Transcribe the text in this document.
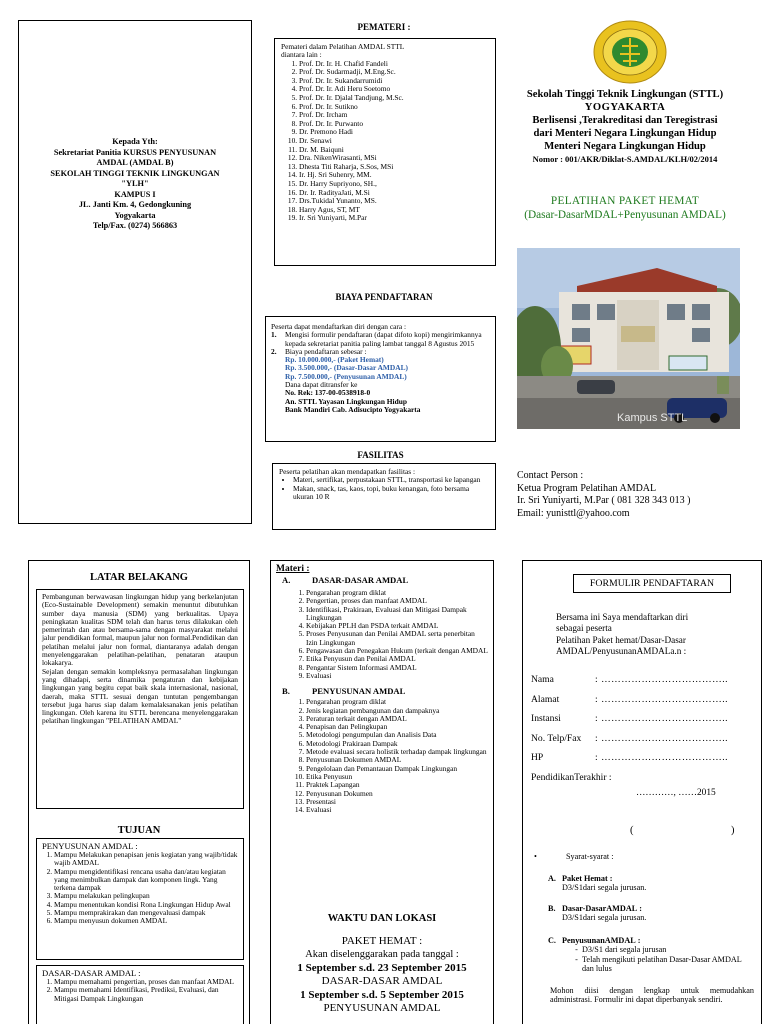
Kepada Yth:
Sekretariat Panitia KURSUS PENYUSUNAN
AMDAL (AMDAL B)
SEKOLAH TINGGI TEKNIK LINGKUNGAN
"YLH"
KAMPUS I
JL. Janti Km. 4, Gedongkuning
Yogyakarta
Telp/Fax. (0274) 566863
PEMATERI :
Pemateri dalam Pelatihan AMDAL STTL
diantara lain :
1. Prof. Dr. Ir. H. Chafid Fandeli
2. Prof. Dr. Sudarmadji, M.Eng.Sc.
3. Prof. Dr. Ir. Sukandarrumidi
4. Prof. Dr. Ir. Adi Heru Soetomo
5. Prof. Dr. Ir. Djalal Tandjung, M.Sc.
6. Prof. Dr. Ir. Sutikno
7. Prof. Dr. Ircham
8. Prof. Dr. Ir. Purwanto
9. Dr. Premono Hadi
10. Dr. Senawi
11. Dr. M. Baiquni
12. Dra. NikenWirasanti, MSi
13. Dhesta Titi Raharja, S.Sos, MSi
14. Ir. Hj. Sri Suhenry, MM.
15. Dr. Harry Supriyono, SH.,
16. Dr. Ir. RadityaJati, M.Si
17. Drs.Tukidal Yunanto, MS.
18. Harry Agus, ST, MT
19. Ir. Sri Yuniyarti, M.Par
BIAYA PENDAFTARAN
Peserta dapat mendaftarkan diri dengan cara :
1.	Mengisi formulir pendaftaran (dapat difoto kopi) mengirimkannya kepada sekretariat panitia paling lambat tanggal 8 Agustus 2015
2.	Biaya pendaftaran sebesar :
Rp. 10.000.000,- (Paket Hemat)
Rp. 3.500.000,- (Dasar-Dasar AMDAL)
Rp. 7.500.000,- (Penyusunan AMDAL)
Dana dapat ditransfer ke
No. Rek: 137-00-0538918-0
An. STTL Yayasan Lingkungan Hidup
Bank Mandiri Cab. Adisucipto Yogyakarta
FASILITAS
Peserta pelatihan akan mendapatkan fasilitas :
• Materi, sertifikat, perpustakaan STTL, transportasi ke lapangan
• Makan, snack, tas, kaos, topi, buku kenangan, foto bersama ukuran 10 R
Sekolah Tinggi Teknik Lingkungan (STTL)
YOGYAKARTA
Berlisensi ,Terakreditasi dan Teregistrasi
dari Menteri Negara Lingkungan Hidup
Menteri Negara Lingkungan Hidup
Nomor : 001/AKR/Diklat-S.AMDAL/KLH/02/2014
PELATIHAN PAKET HEMAT
(Dasar-DasarMDAL+Penyusunan AMDAL)
Kampus STTL
Contact Person :
Ketua Program Pelatihan AMDAL
Ir. Sri Yuniyarti, M.Par ( 081 328 343 013 )
Email: yunisttl@yahoo.com
LATAR BELAKANG
Pembangunan berwawasan lingkungan hidup yang berkelanjutan (Eco-Sustainable Development) semakin menuntut dibutuhkan sumber daya manusia (SDM) yang berkualitas. Upaya peningkatan kualitas SDM telah dan harus terus dilakukan oleh pemerintah dan atau bersama-sama dengan masyarakat melalui jalur pendidikan formal, maupun jalur non formal.Pendidikan dan pelatihan melalui jalur non formal, diantaranya adalah dengan menyelenggarakan pelatihan-pelatihan, penataran ataupun lokakarya.
Sejalan dengan semakin kompleksnya permasalahan lingkungan yang dihadapi, serta dinamika pengaturan dan kebijakan lingkungan yang begitu cepat baik skala internasional, nasional, daerah, maka STTL sesuai dengan tuntutan pengembangan tersebut juga harus siap dalam kemalaksanakan jenis pelatihan lingkungan. Oleh karena itu STTL berencana menyelenggarakan pelatihan lingkungan "PELATIHAN AMDAL"
TUJUAN
PENYUSUNAN AMDAL :
1. Mampu Melakukan penapisan jenis kegiatan yang wajib/tidak wajib AMDAL
2. Mampu mengidentifikasi rencana usaha dan/atau kegiatan yang menimbulkan dampak dan komponen lingk. Yang terkena dampak
3. Mampu melakukan pelingkupan
4. Mampu menentukan kondisi Rona Lingkungan Hidup Awal
5. Mampu memprakirakan dan mengevaluasi dampak
6. Mampu menyusun dokumen AMDAL
DASAR-DASAR AMDAL :
1. Mampu memahami pengertian, proses dan manfaat AMDAL
2. Mampu memahami Identifikasi, Prediksi, Evaluasi, dan Mitigasi Dampak Lingkungan
Materi :
A.	DASAR-DASAR AMDAL
1. Pengarahan program diklat
2. Pengertian, proses dan manfaat AMDAL
3. Identifikasi, Prakiraan, Evaluasi dan Mitigasi Dampak Lingkungan
4. Kebijakan PPLH dan PSDA terkait AMDAL
5. Proses Penyusunan dan Penilai AMDAL serta penerbitan Izin Lingkungan
6. Pengawasan dan Penegakan Hukum (terkait dengan AMDAL
7. Etika Penyusun dan Penilai AMDAL
8. Pengantar Sistem Informasi AMDAL
9. Evaluasi
B.	PENYUSUNAN AMDAL
1. Pengarahan program diklat
2. Jenis kegiatan pembangunan dan dampaknya
3. Peraturan terkait dengan AMDAL
4. Penapisan dan Pelingkupan
5. Metodologi pengumpulan dan Analisis Data
6. Metodologi Prakiraan Dampak
7. Metode evaluasi secara holistik terhadap dampak lingkungan
8. Penyusunan Dokumen AMDAL
9. Pengelolaan dan Pemantauan Dampak Lingkungan
10. Etika Penyusun
11. Praktek Lapangan
12. Penyusunan Dokumen
13. Presentasi
14. Evaluasi
WAKTU DAN LOKASI
PAKET HEMAT :
Akan diselenggarakan pada tanggal :
1 September s.d. 23 September 2015
DASAR-DASAR AMDAL
1 September s.d. 5 September 2015
PENYUSUNAN AMDAL
FORMULIR PENDAFTARAN
Bersama ini Saya mendaftarkan diri
sebagai peserta
Pelatihan Paket hemat/Dasar-Dasar
AMDAL/PenyusunanAMDALa.n :
Nama	: ………………………………..
Alamat	: ………………………………..
Instansi	: ………………………………..
No. Telp/Fax	: ………………………………..
HP	: ………………………………..
PendidikanTerakhir :
…………, ……2015
(	)
•	Syarat-syarat :
A. Paket Hemat :
D3/S1dari segala jurusan.
B. Dasar-DasarAMDAL :
D3/S1dari segala jurusan.
C. PenyusunanAMDAL :
- D3/S1 dari segala jurusan
- Telah mengikuti pelatihan Dasar-Dasar AMDAL dan lulus
Mohon diisi dengan lengkap untuk memudahkan administrasi. Formulir ini dapat diperbanyak sendiri.
